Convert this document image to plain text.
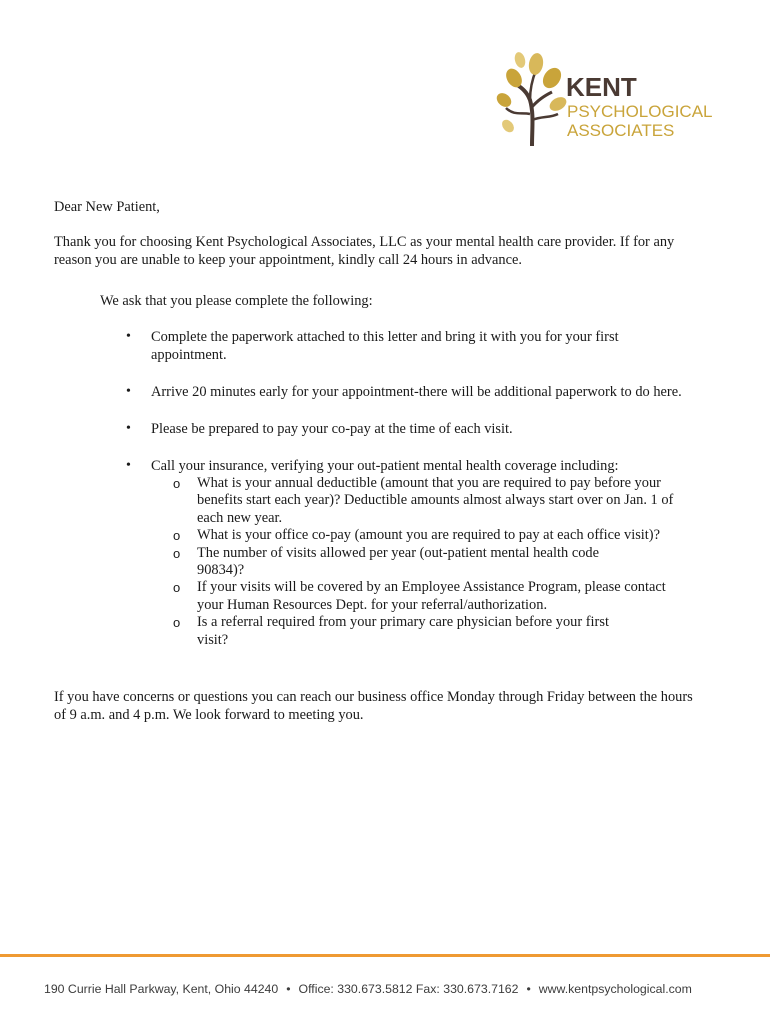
KENT
PSYCHOLOGICAL
ASSOCIATES
Dear New Patient,
Thank you for choosing Kent Psychological Associates, LLC as your mental health care provider. If for any reason you are unable to keep your appointment, kindly call 24 hours in advance.
We ask that you please complete the following:
• Complete the paperwork attached to this letter and bring it with you for your first appointment.
• Arrive 20 minutes early for your appointment-there will be additional paperwork to do here.
• Please be prepared to pay your co-pay at the time of each visit.
• Call your insurance, verifying your out-patient mental health coverage including:
o What is your annual deductible (amount that you are required to pay before your benefits start each year)? Deductible amounts almost always start over on Jan. 1 of each new year.
o What is your office co-pay (amount you are required to pay at each office visit)?
o The number of visits allowed per year (out-patient mental health code 90834)?
o If your visits will be covered by an Employee Assistance Program, please contact your Human Resources Dept. for your referral/authorization.
o Is a referral required from your primary care physician before your first visit?
If you have concerns or questions you can reach our business office Monday through Friday between the hours of 9 a.m. and 4 p.m. We look forward to meeting you.
190 Currie Hall Parkway, Kent, Ohio 44240 • Office: 330.673.5812 Fax: 330.673.7162 • www.kentpsychological.com
